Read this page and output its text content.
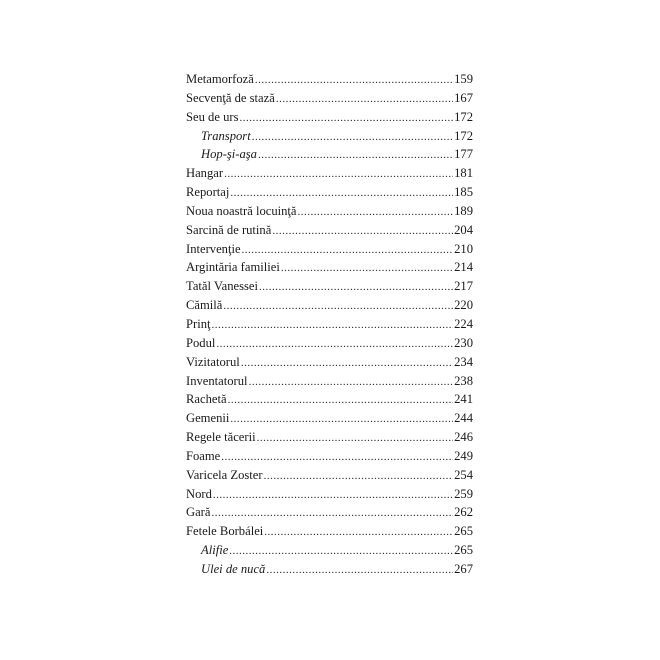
Metamorfoză .....	159
Secvenţă de stază .....	167
Seu de urs .....	172
Transport .....	172
Hop-şi-aşa .....	177
Hangar .....	181
Reportaj .....	185
Noua noastră locuinţă .....	189
Sarcină de rutină .....	204
Intervenţie .....	210
Argintăria familiei .....	214
Tatăl Vanessei .....	217
Cămilă .....	220
Prinţ .....	224
Podul .....	230
Vizitatorul .....	234
Inventatorul .....	238
Rachetă .....	241
Gemenii .....	244
Regele tăcerii .....	246
Foame .....	249
Varicela Zoster .....	254
Nord .....	259
Gară .....	262
Fetele Borbálei .....	265
Alifie .....	265
Ulei de nucă .....	267
